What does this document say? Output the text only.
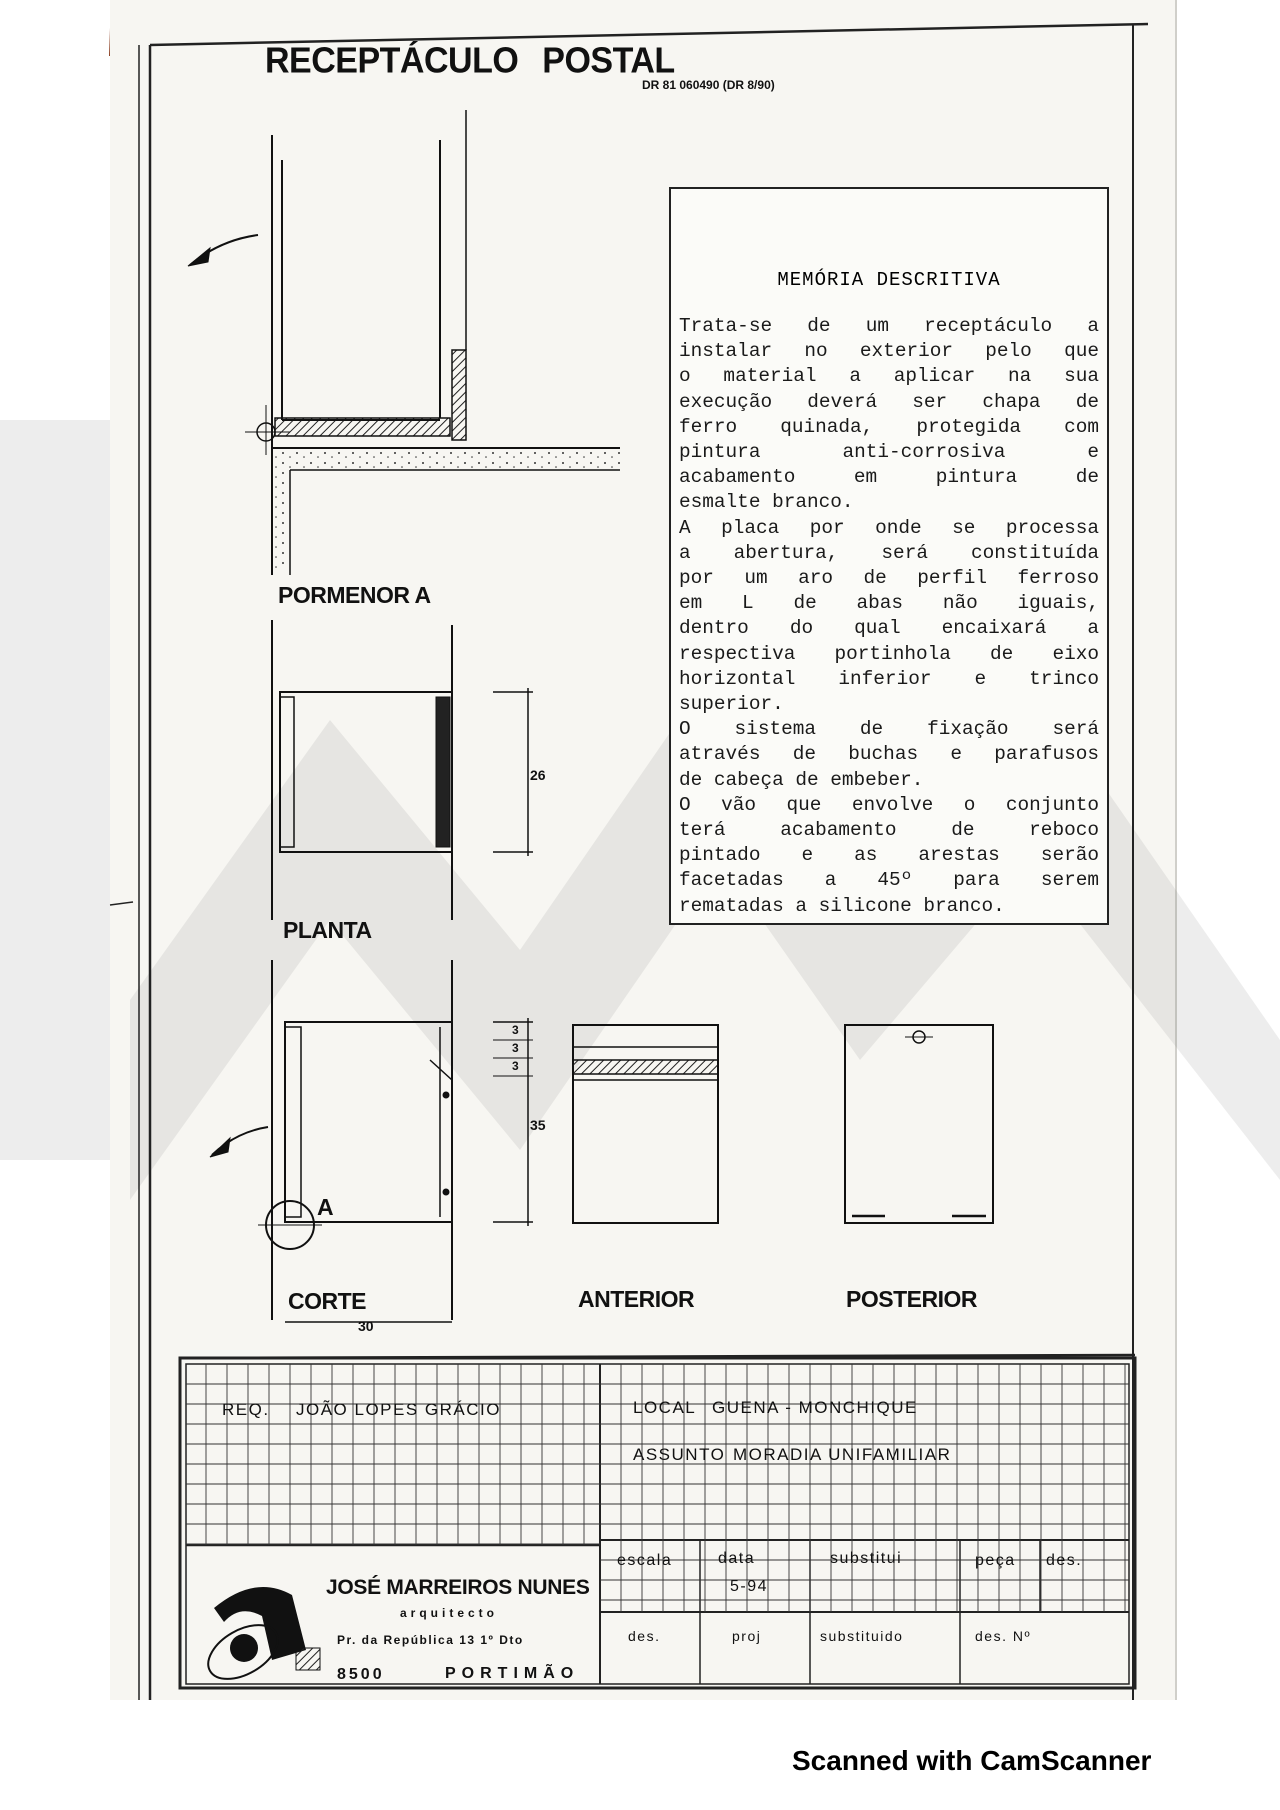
RECEPTÁCULO POSTAL
DR 81 060490 (DR 8/90)
PORMENOR A
PLANTA
CORTE	ANTERIOR	POSTERIOR
A
26
35
30
3
3
3
MEMÓRIA DESCRITIVA
Trata-se de um receptáculo a
instalar no exterior pelo que
o material a aplicar na sua
execução deverá ser chapa de
ferro quinada, protegida com
pintura anti-corrosiva e
acabamento em pintura de
esmalte branco.
A placa por onde se processa
a abertura, será constituída
por um aro de perfil ferroso
em L de abas não iguais,
dentro do qual encaixará a
respectiva portinhola de eixo
horizontal inferior e trinco
superior.
O sistema de fixação será
através de buchas e parafusos
de cabeça de embeber.
O vão que envolve o conjunto
terá acabamento de reboco
pintado e as arestas serão
facetadas a 45º para serem
rematadas a silicone branco.
REQ. JOÃO LOPES GRÁCIO	LOCAL GUENA - MONCHIQUE
ASSUNTO MORADIA UNIFAMILIAR
escala	data	substitui	peça des.
5-94
des.	proj	substituido	des. Nº
JOSÉ MARREIROS NUNES
arquitecto
Pr. da República 13 1º Dto
8500	PORTIMÃO
Scanned with CamScanner
